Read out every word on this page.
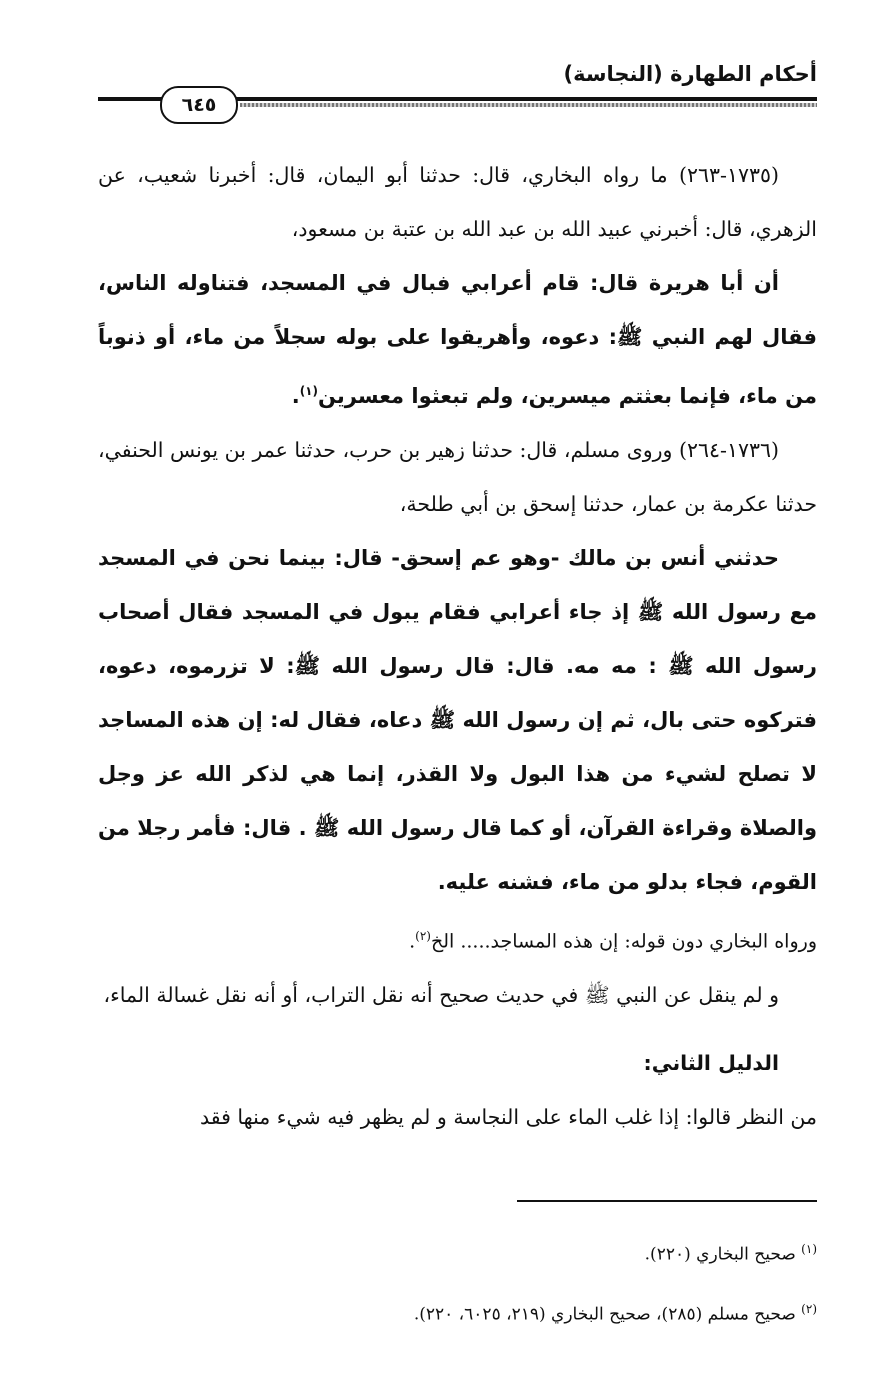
أحكام الطهارة (النجاسة)
٦٤٥

(١٧٣٥-٢٦٣) ما رواه البخاري، قال: حدثنا أبو اليمان، قال: أخبرنا شعيب، عن الزهري، قال: أخبرني عبيد الله بن عبد الله بن عتبة بن مسعود،

أن أبا هريرة قال: قام أعرابي فبال في المسجد، فتناوله الناس، فقال لهم النبي ﷺ: دعوه، وأهريقوا على بوله سجلاً من ماء، أو ذنوباً من ماء، فإنما بعثتم ميسرين، ولم تبعثوا معسرين$^{(١)}$.

(١٧٣٦-٢٦٤) وروى مسلم، قال: حدثنا زهير بن حرب، حدثنا عمر بن يونس الحنفي، حدثنا عكرمة بن عمار، حدثنا إسحق بن أبي طلحة،

حدثني أنس بن مالك -وهو عم إسحق- قال: بينما نحن في المسجد مع رسول الله ﷺ إذ جاء أعرابي فقام يبول في المسجد فقال أصحاب رسول الله ﷺ : مه مه. قال: قال رسول الله ﷺ: لا تزرموه، دعوه، فتركوه حتى بال، ثم إن رسول الله ﷺ دعاه، فقال له: إن هذه المساجد لا تصلح لشيء من هذا البول ولا القذر، إنما هي لذكر الله عز وجل والصلاة وقراءة القرآن، أو كما قال رسول الله ﷺ . قال: فأمر رجلا من القوم، فجاء بدلو من ماء، فشنه عليه.

ورواه البخاري دون قوله: إن هذه المساجد..... الخ$^{(٢)}$.

و لم ينقل عن النبي ﷺ في حديث صحيح أنه نقل التراب، أو أنه نقل غسالة الماء،

الدليل الثاني:

من النظر قالوا: إذا غلب الماء على النجاسة و لم يظهر فيه شيء منها فقد

$^{(١)}$ صحيح البخاري (٢٢٠).

$^{(٢)}$ صحيح مسلم (٢٨٥)، صحيح البخاري (٢١٩، ٦٠٢٥، ٢٢٠).
